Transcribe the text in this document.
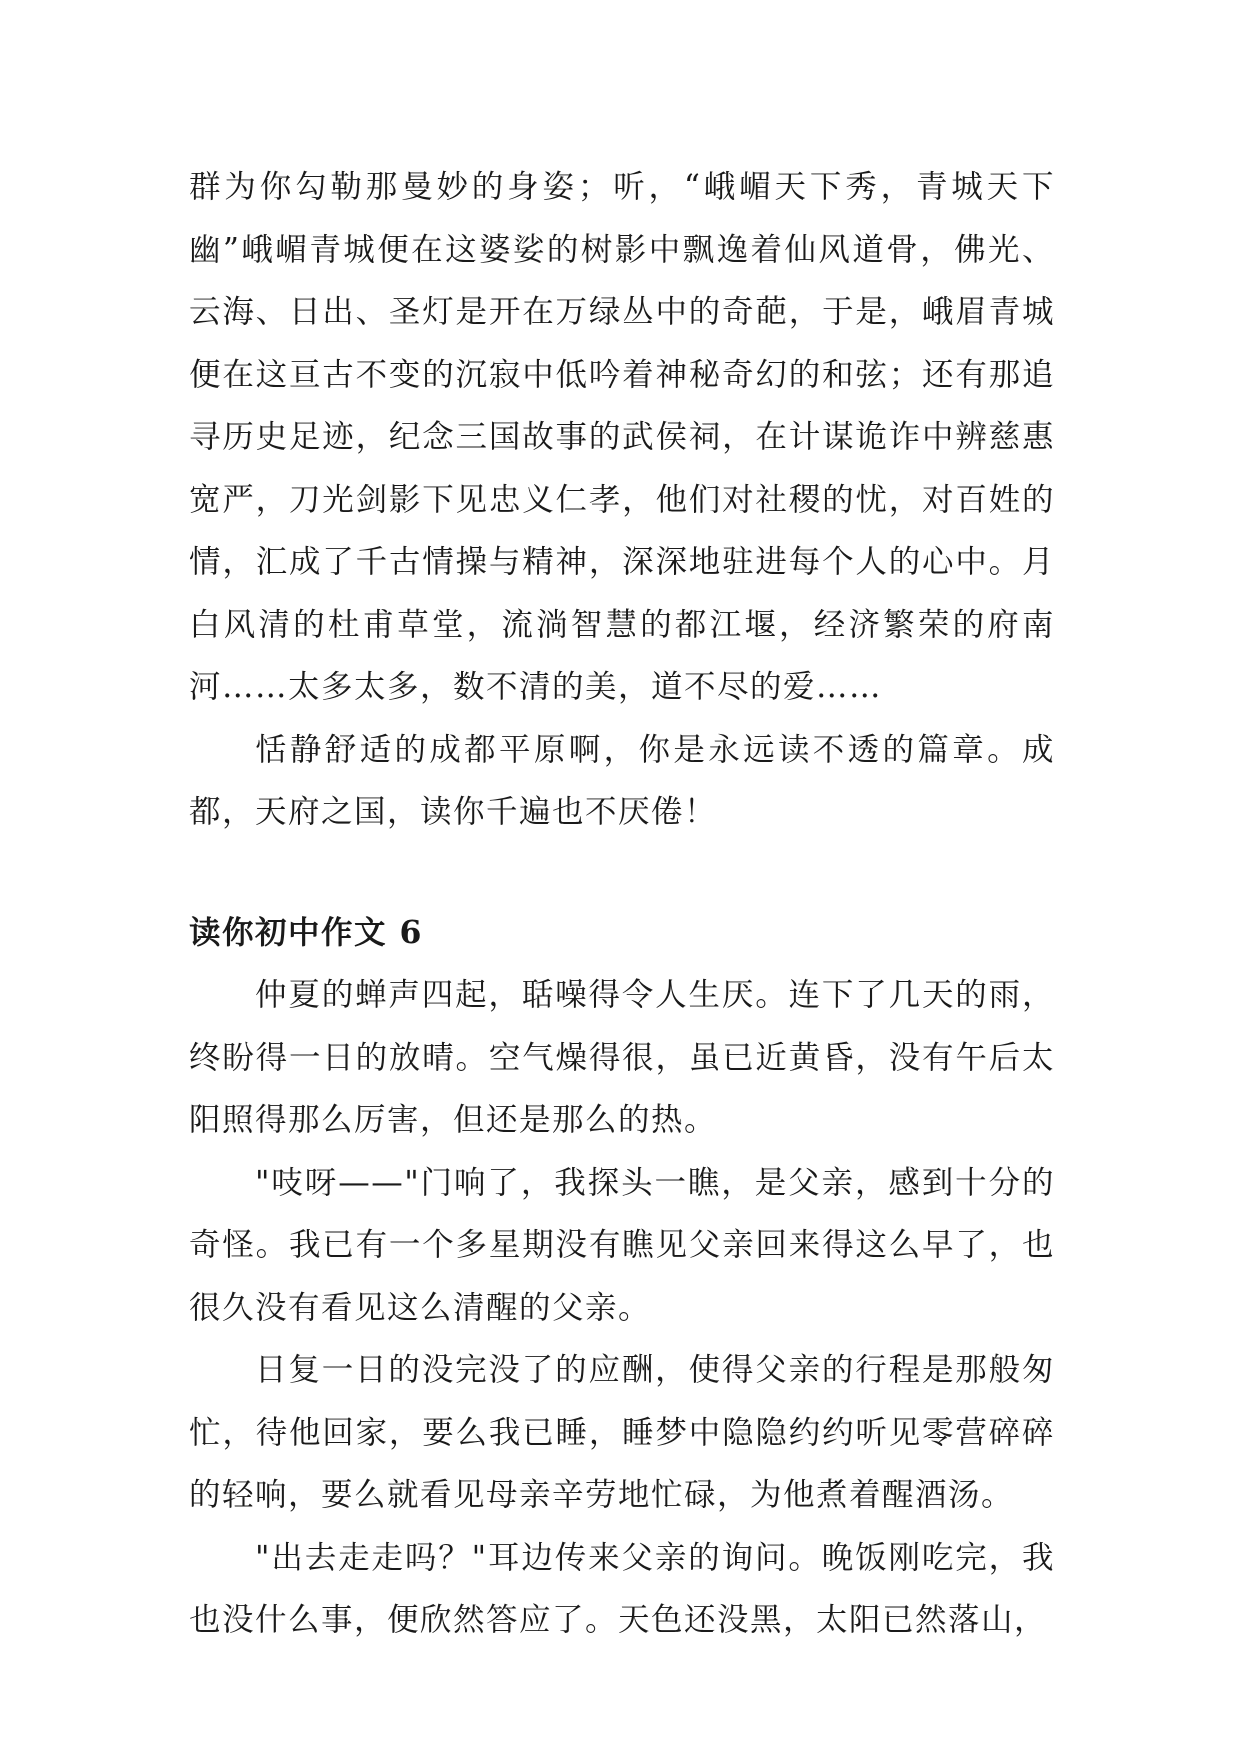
群为你勾勒那曼妙的身姿；听，“峨嵋天下秀，青城天下幽”峨嵋青城便在这婆娑的树影中飘逸着仙风道骨，佛光、云海、日出、圣灯是开在万绿丛中的奇葩，于是，峨眉青城便在这亘古不变的沉寂中低吟着神秘奇幻的和弦；还有那追寻历史足迹，纪念三国故事的武侯祠，在计谋诡诈中辨慈惠宽严，刀光剑影下见忠义仁孝，他们对社稷的忧，对百姓的情，汇成了千古情操与精神，深深地驻进每个人的心中。月白风清的杜甫草堂，流淌智慧的都江堰，经济繁荣的府南河……太多太多，数不清的美，道不尽的爱……

恬静舒适的成都平原啊，你是永远读不透的篇章。成都，天府之国，读你千遍也不厌倦！

读你初中作文 6

仲夏的蝉声四起，聒噪得令人生厌。连下了几天的雨，终盼得一日的放晴。空气燥得很，虽已近黄昏，没有午后太阳照得那么厉害，但还是那么的热。

"吱呀——"门响了，我探头一瞧，是父亲，感到十分的奇怪。我已有一个多星期没有瞧见父亲回来得这么早了，也很久没有看见这么清醒的父亲。

日复一日的没完没了的应酬，使得父亲的行程是那般匆忙，待他回家，要么我已睡，睡梦中隐隐约约听见零营碎碎的轻响，要么就看见母亲辛劳地忙碌，为他煮着醒酒汤。

"出去走走吗？"耳边传来父亲的询问。晚饭刚吃完，我也没什么事，便欣然答应了。天色还没黑，太阳已然落山，
